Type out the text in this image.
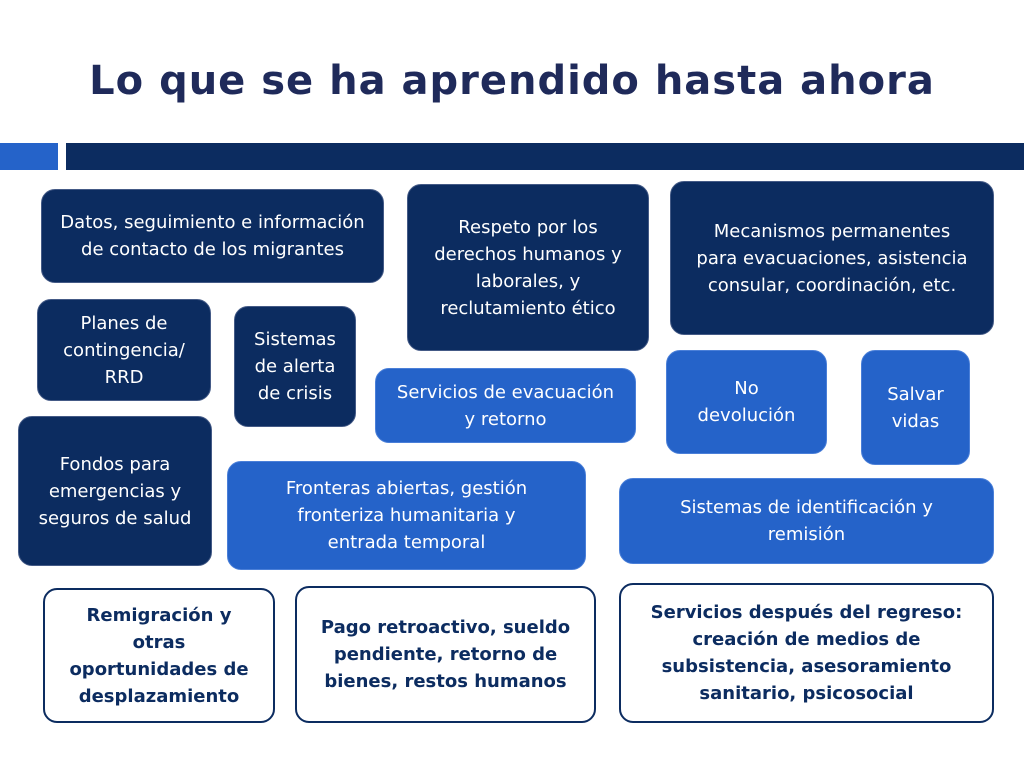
Lo que se ha aprendido hasta ahora
Datos, seguimiento e información de contacto de los migrantes
Planes de contingencia/ RRD
Sistemas de alerta de crisis
Fondos para emergencias y seguros de salud
Respeto por los derechos humanos y laborales, y reclutamiento ético
Mecanismos permanentes para evacuaciones, asistencia consular, coordinación, etc.
Servicios de evacuación y retorno
No devolución
Salvar vidas
Fronteras abiertas, gestión fronteriza humanitaria y entrada temporal
Sistemas de identificación y remisión
Remigración y otras oportunidades de desplazamiento
Pago retroactivo, sueldo pendiente, retorno de bienes, restos humanos
Servicios después del regreso: creación de medios de subsistencia, asesoramiento sanitario, psicosocial
